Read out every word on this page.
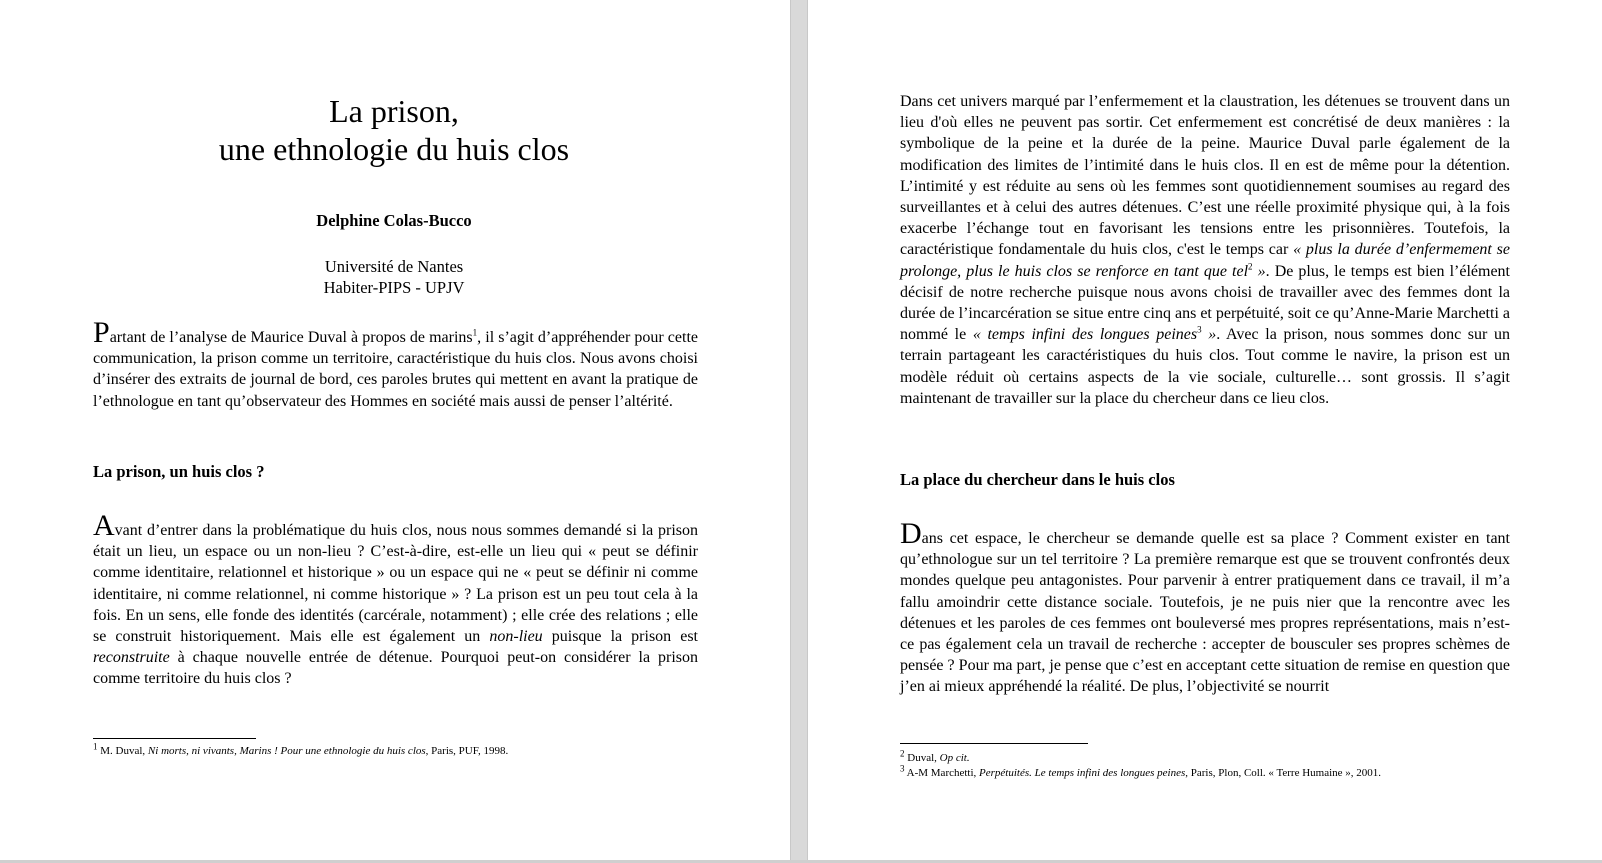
La prison,
une ethnologie du huis clos
Delphine Colas-Bucco
Université de Nantes
Habiter-PIPS - UPJV

Partant de l’analyse de Maurice Duval à propos de marins$^1$, il s’agit d’appréhender pour cette communication, la prison comme un territoire, caractéristique du huis clos. Nous avons choisi d’insérer des extraits de journal de bord, ces paroles brutes qui mettent en avant la pratique de l’ethnologue en tant qu’observateur des Hommes en société mais aussi de penser l’altérité.

La prison, un huis clos ?

Avant d’entrer dans la problématique du huis clos, nous nous sommes demandé si la prison était un lieu, un espace ou un non-lieu ? C’est-à-dire, est-elle un lieu qui « peut se définir comme identitaire, relationnel et historique » ou un espace qui ne « peut se définir ni comme identitaire, ni comme relationnel, ni comme historique » ? La prison est un peu tout cela à la fois. En un sens, elle fonde des identités (carcérale, notamment) ; elle crée des relations ; elle se construit historiquement. Mais elle est également un non-lieu puisque la prison est reconstruite à chaque nouvelle entrée de détenue. Pourquoi peut-on considérer la prison comme territoire du huis clos ?

$^1$ M. Duval, Ni morts, ni vivants, Marins ! Pour une ethnologie du huis clos, Paris, PUF, 1998.

Dans cet univers marqué par l’enfermement et la claustration, les détenues se trouvent dans un lieu d'où elles ne peuvent pas sortir. Cet enfermement est concrétisé de deux manières : la symbolique de la peine et la durée de la peine. Maurice Duval parle également de la modification des limites de l’intimité dans le huis clos. Il en est de même pour la détention. L’intimité y est réduite au sens où les femmes sont quotidiennement soumises au regard des surveillantes et à celui des autres détenues. C’est une réelle proximité physique qui, à la fois exacerbe l’échange tout en favorisant les tensions entre les prisonnières. Toutefois, la caractéristique fondamentale du huis clos, c'est le temps car « plus la durée d’enfermement se prolonge, plus le huis clos se renforce en tant que tel$^2$ ». De plus, le temps est bien l’élément décisif de notre recherche puisque nous avons choisi de travailler avec des femmes dont la durée de l’incarcération se situe entre cinq ans et perpétuité, soit ce qu’Anne-Marie Marchetti a nommé le « temps infini des longues peines$^3$ ». Avec la prison, nous sommes donc sur un terrain partageant les caractéristiques du huis clos. Tout comme le navire, la prison est un modèle réduit où certains aspects de la vie sociale, culturelle… sont grossis. Il s’agit maintenant de travailler sur la place du chercheur dans ce lieu clos.

La place du chercheur dans le huis clos

Dans cet espace, le chercheur se demande quelle est sa place ? Comment exister en tant qu’ethnologue sur un tel territoire ? La première remarque est que se trouvent confrontés deux mondes quelque peu antagonistes. Pour parvenir à entrer pratiquement dans ce travail, il m’a fallu amoindrir cette distance sociale. Toutefois, je ne puis nier que la rencontre avec les détenues et les paroles de ces femmes ont bouleversé mes propres représentations, mais n’est-ce pas également cela un travail de recherche : accepter de bousculer ses propres schèmes de pensée ? Pour ma part, je pense que c’est en acceptant cette situation de remise en question que j’en ai mieux appréhendé la réalité. De plus, l’objectivité se nourrit

$^2$ Duval, Op cit.
$^3$ A-M Marchetti, Perpétuités. Le temps infini des longues peines, Paris, Plon, Coll. « Terre Humaine », 2001.
